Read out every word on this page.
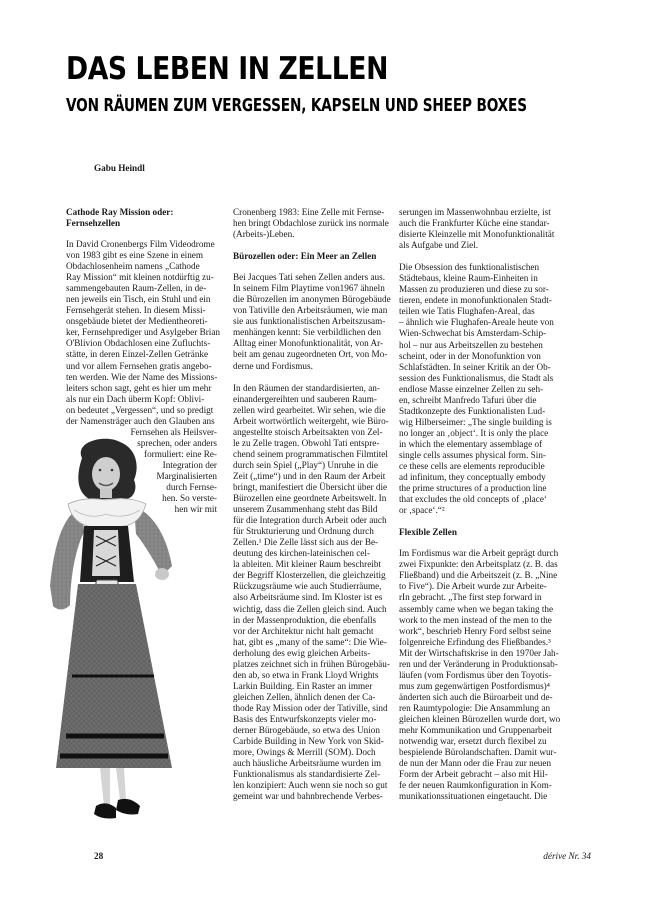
DAS LEBEN IN ZELLEN
VON RÄUMEN ZUM VERGESSEN, KAPSELN UND SHEEP BOXES

Gabu Heindl

Cathode Ray Mission oder: Fernsehzellen
In David Cronenbergs Film Videodrome
von 1983 gibt es eine Szene in einem
Obdachlosenheim namens „Cathode
Ray Mission“ mit kleinen notdürftig zu-
sammengebauten Raum-Zellen, in de-
nen jeweils ein Tisch, ein Stuhl und ein
Fernsehgerät stehen. In diesem Missi-
onsgebäude bietet der Medientheoreti-
ker, Fernsehprediger und Asylgeber Brian
O'Blivion Obdachlosen eine Zufluchts-
stätte, in deren Einzel-Zellen Getränke
und vor allem Fernsehen gratis angebo-
ten werden. Wie der Name des Missions-
leiters schon sagt, geht es hier um mehr
als nur ein Dach überm Kopf: Oblivi-
on bedeutet „Vergessen“, und so predigt
der Namensträger auch den Glauben ans
Fernsehen als Heilsver-
sprechen, oder anders
formuliert: eine Re-
Integration der
Marginalisierten
durch Fernse-
hen. So verste-
hen wir mit
Cronenberg 1983: Eine Zelle mit Fernse-
hen bringt Obdachlose zurück ins normale
(Arbeits-)Leben.
Bürozellen oder: Ein Meer an Zellen
Bei Jacques Tati sehen Zellen anders aus.
In seinem Film Playtime von1967 ähneln
die Bürozellen im anonymen Bürogebäude
von Tativille den Arbeitsräumen, wie man
sie aus funktionalistischen Arbeitszusam-
menhängen kennt: Sie verbildlichen den
Alltag einer Monofunktionalität, von Ar-
beit am genau zugeordneten Ort, von Mo-
derne und Fordismus.
In den Räumen der standardisierten, an-
einandergereihten und sauberen Raum-
zellen wird gearbeitet. Wir sehen, wie die
Arbeit wortwörtlich weitergeht, wie Büro-
angestellte stoisch Arbeitsakten von Zel-
le zu Zelle tragen. Obwohl Tati entspre-
chend seinem programmatischen Filmtitel
durch sein Spiel („Play“) Unruhe in die
Zeit („time“) und in den Raum der Arbeit
bringt, manifestiert die Übersicht über die
Bürozellen eine geordnete Arbeitswelt. In
unserem Zusammenhang steht das Bild
für die Integration durch Arbeit oder auch
für Strukturierung und Ordnung durch
Zellen.¹ Die Zelle lässt sich aus der Be-
deutung des kirchen-lateinischen cel-
la ableiten. Mit kleiner Raum beschreibt
der Begriff Klosterzellen, die gleichzeitig
Rückzugsräume wie auch Studierräume,
also Arbeitsräume sind. Im Kloster ist es
wichtig, dass die Zellen gleich sind. Auch
in der Massenproduktion, die ebenfalls
vor der Architektur nicht halt gemacht
hat, gibt es „many of the same“: Die Wie-
derholung des ewig gleichen Arbeits-
platzes zeichnet sich in frühen Bürogebäu-
den ab, so etwa in Frank Lloyd Wrights
Larkin Building. Ein Raster an immer
gleichen Zellen, ähnlich denen der Ca-
thode Ray Mission oder der Tativille, sind
Basis des Entwurfskonzepts vieler mo-
derner Bürogebäude, so etwa des Union
Carbide Building in New York von Skid-
more, Owings & Merrill (SOM). Doch
auch häusliche Arbeitsräume wurden im
Funktionalismus als standardisierte Zel-
len konzipiert: Auch wenn sie noch so gut
gemeint war und bahnbrechende Verbes-
serungen im Massenwohnbau erzielte, ist
auch die Frankfurter Küche eine standar-
disierte Kleinzelle mit Monofunktionalität
als Aufgabe und Ziel.
Die Obsession des funktionalistischen
Städtebaus, kleine Raum-Einheiten in
Massen zu produzieren und diese zu sor-
tieren, endete in monofunktionalen Stadt-
teilen wie Tatis Flughafen-Areal, das
– ähnlich wie Flughafen-Areale heute von
Wien-Schwechat bis Amsterdam-Schip-
hol – nur aus Arbeitszellen zu bestehen
scheint, oder in der Monofunktion von
Schlafstädten. In seiner Kritik an der Ob-
session des Funktionalismus, die Stadt als
endlose Masse einzelner Zellen zu seh-
en, schreibt Manfredo Tafuri über die
Stadtkonzepte des Funktionalisten Lud-
wig Hilberseimer: „The single building is
no longer an ‚object‘. It is only the place
in which the elementary assemblage of
single cells assumes physical form. Sin-
ce these cells are elements reproducible
ad infinitum, they conceptually embody
the prime structures of a production line
that excludes the old concepts of ‚place‘
or ‚space‘.“²
Flexible Zellen
Im Fordismus war die Arbeit geprägt durch
zwei Fixpunkte: den Arbeitsplatz (z. B. das
Fließband) und die Arbeitszeit (z. B. „Nine
to Five“). Die Arbeit wurde zur Arbeite-
rIn gebracht. „The first step forward in
assembly came when we began taking the
work to the men instead of the men to the
work“, beschrieb Henry Ford selbst seine
folgenreiche Erfindung des Fließbandes.³
Mit der Wirtschaftskrise in den 1970er Jah-
ren und der Veränderung in Produktionsab-
läufen (vom Fordismus über den Toyotis-
mus zum gegenwärtigen Postfordismus)⁴
änderten sich auch die Büroarbeit und de-
ren Raumtypologie: Die Ansammlung an
gleichen kleinen Bürozellen wurde dort, wo
mehr Kommunikation und Gruppenarbeit
notwendig war, ersetzt durch flexibel zu
bespielende Bürolandschaften. Damit wur-
de nun der Mann oder die Frau zur neuen
Form der Arbeit gebracht – also mit Hil-
fe der neuen Raumkonfiguration in Kom-
munikationssituationen eingetaucht. Die

28	dérive Nr. 34
